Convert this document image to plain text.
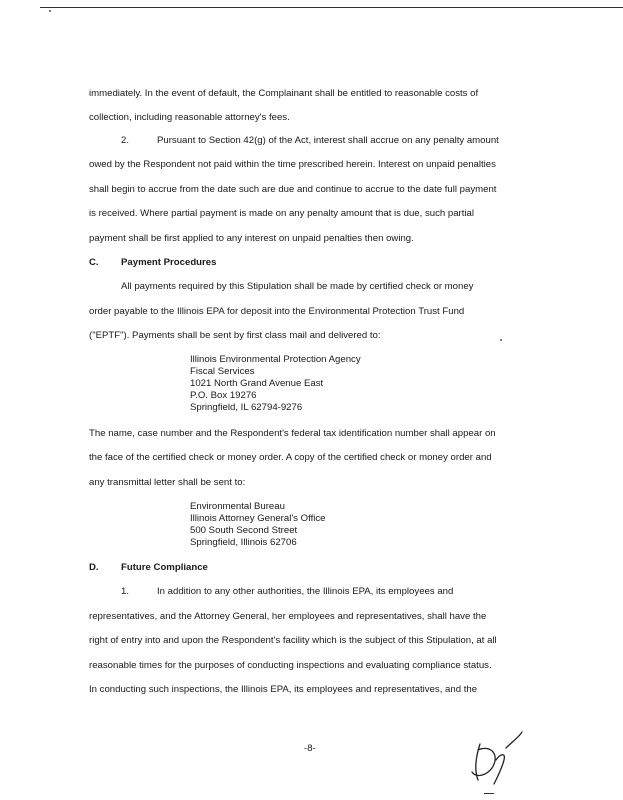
immediately. In the event of default, the Complainant shall be entitled to reasonable costs of
collection, including reasonable attorney's fees.
2.	Pursuant to Section 42(g) of the Act, interest shall accrue on any penalty amount
owed by the Respondent not paid within the time prescribed herein. Interest on unpaid penalties
shall begin to accrue from the date such are due and continue to accrue to the date full payment
is received. Where partial payment is made on any penalty amount that is due, such partial
payment shall be first applied to any interest on unpaid penalties then owing.
C. Payment Procedures
All payments required by this Stipulation shall be made by certified check or money
order payable to the Illinois EPA for deposit into the Environmental Protection Trust Fund
("EPTF"). Payments shall be sent by first class mail and delivered to:
Illinois Environmental Protection Agency
Fiscal Services
1021 North Grand Avenue East
P.O. Box 19276
Springfield, IL 62794-9276
The name, case number and the Respondent's federal tax identification number shall appear on
the face of the certified check or money order. A copy of the certified check or money order and
any transmittal letter shall be sent to:
Environmental Bureau
Illinois Attorney General's Office
500 South Second Street
Springfield, Illinois 62706
D. Future Compliance
1.	In addition to any other authorities, the Illinois EPA, its employees and
representatives, and the Attorney General, her employees and representatives, shall have the
right of entry into and upon the Respondent's facility which is the subject of this Stipulation, at all
reasonable times for the purposes of conducting inspections and evaluating compliance status.
In conducting such inspections, the Illinois EPA, its employees and representatives, and the
-8-
